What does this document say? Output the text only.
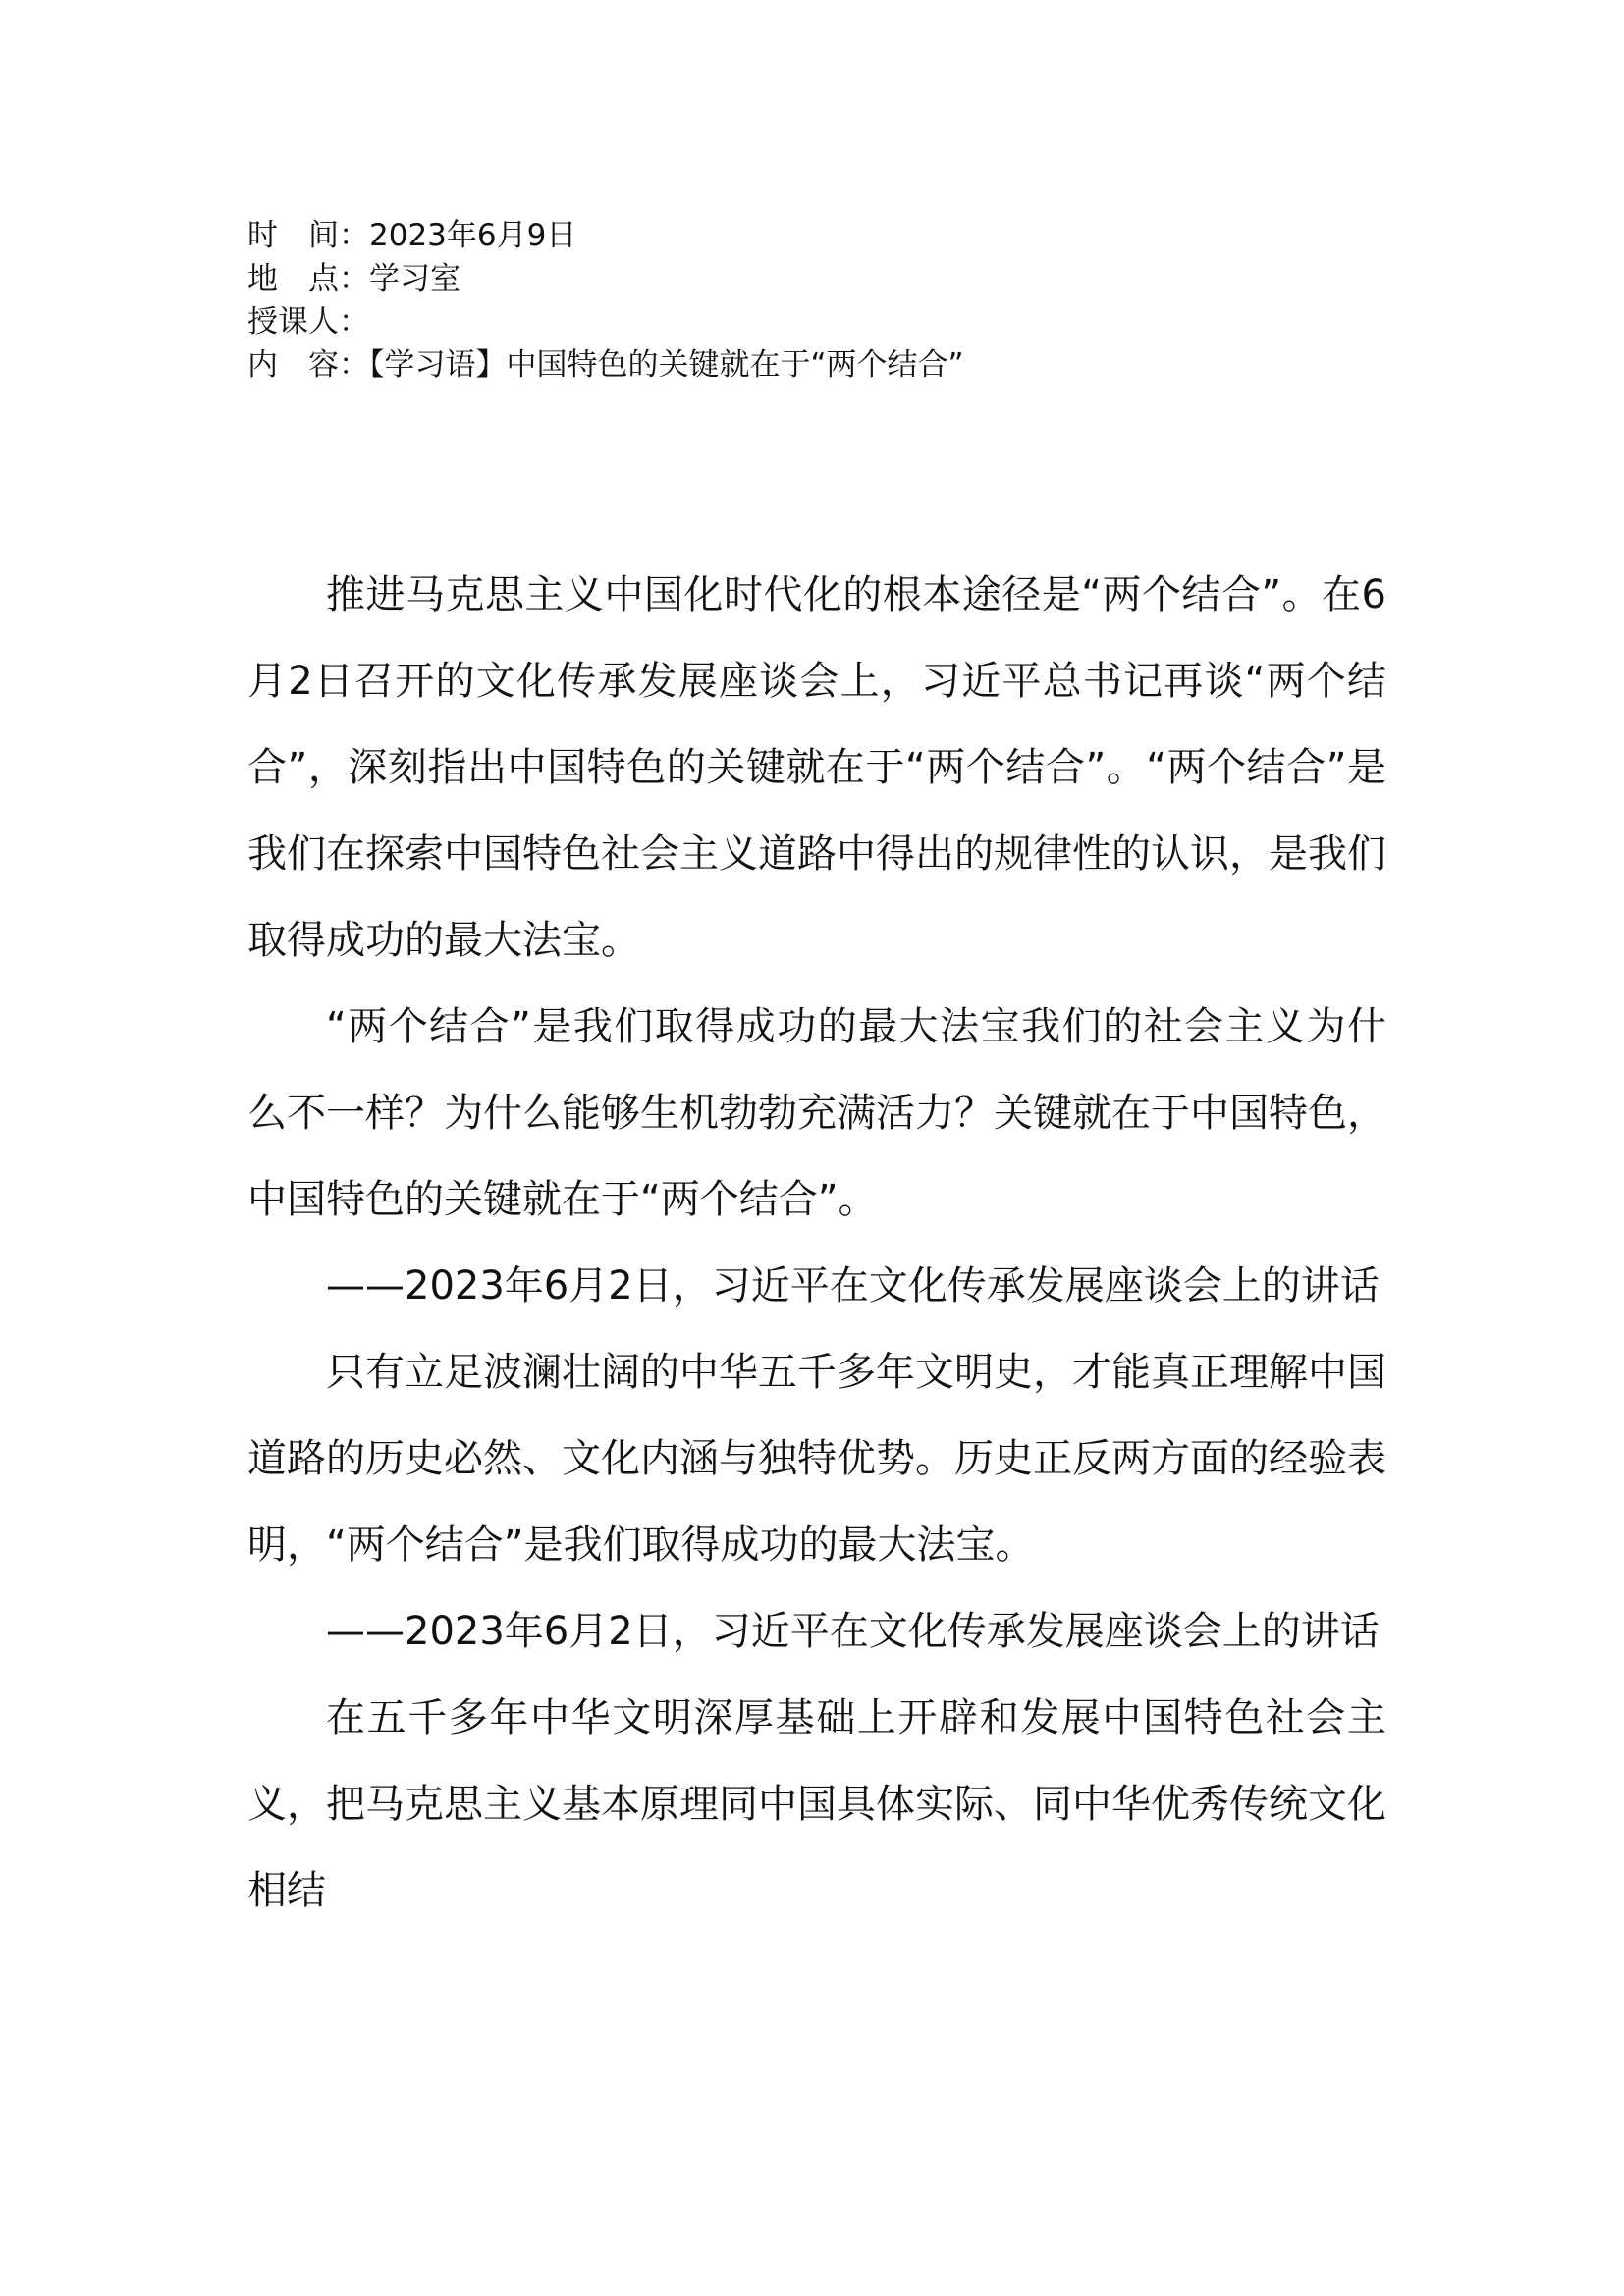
时　间：2023年6月9日
地　点：学习室
授课人：
内　容：【学习语】中国特色的关键就在于“两个结合”

推进马克思主义中国化时代化的根本途径是“两个结合”。在6月2日召开的文化传承发展座谈会上，习近平总书记再谈“两个结合”，深刻指出中国特色的关键就在于“两个结合”。“两个结合”是我们在探索中国特色社会主义道路中得出的规律性的认识，是我们取得成功的最大法宝。

“两个结合”是我们取得成功的最大法宝我们的社会主义为什么不一样？为什么能够生机勃勃充满活力？关键就在于中国特色，中国特色的关键就在于“两个结合”。

——2023年6月2日，习近平在文化传承发展座谈会上的讲话

只有立足波澜壮阔的中华五千多年文明史，才能真正理解中国道路的历史必然、文化内涵与独特优势。历史正反两方面的经验表明，“两个结合”是我们取得成功的最大法宝。

——2023年6月2日，习近平在文化传承发展座谈会上的讲话

在五千多年中华文明深厚基础上开辟和发展中国特色社会主义，把马克思主义基本原理同中国具体实际、同中华优秀传统文化相结
